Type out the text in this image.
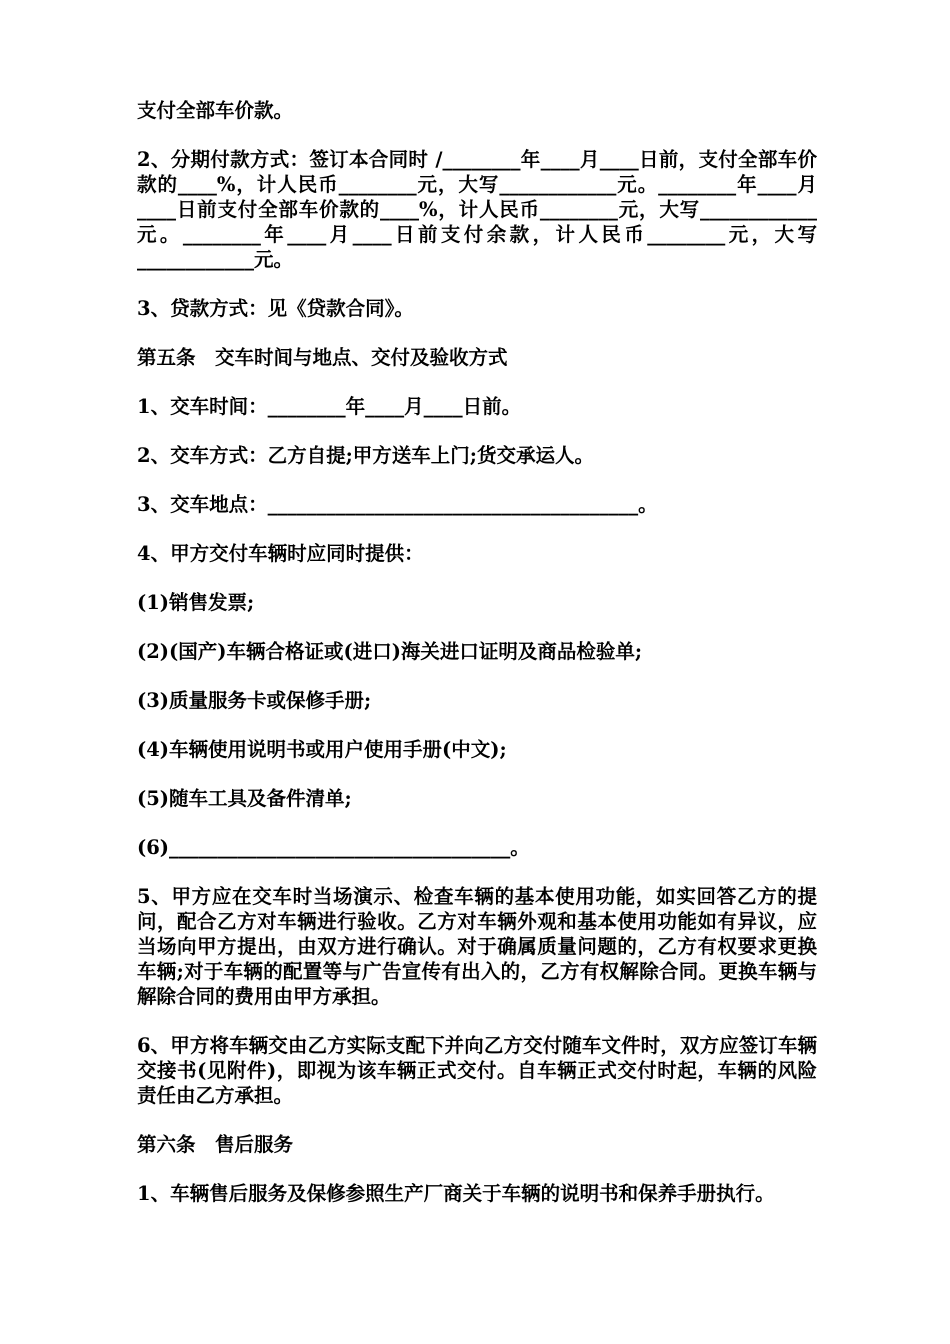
支付全部车价款。

2、分期付款方式：签订本合同时 /________年____月____日前，支付全部车价款的____%，计人民币________元，大写____________元。________年____月____日前支付全部车价款的____%，计人民币________元，大写____________元。________年____月____日前支付余款，计人民币________元，大写____________元。

3、贷款方式：见《贷款合同》。

第五条　交车时间与地点、交付及验收方式

1、交车时间：________年____月____日前。

2、交车方式：乙方自提;甲方送车上门;货交承运人。

3、交车地点：______________________________________。

4、甲方交付车辆时应同时提供：

(1)销售发票;

(2)(国产)车辆合格证或(进口)海关进口证明及商品检验单;

(3)质量服务卡或保修手册;

(4)车辆使用说明书或用户使用手册(中文);

(5)随车工具及备件清单;

(6)___________________________________。

5、甲方应在交车时当场演示、检查车辆的基本使用功能，如实回答乙方的提问，配合乙方对车辆进行验收。乙方对车辆外观和基本使用功能如有异议，应当场向甲方提出，由双方进行确认。对于确属质量问题的，乙方有权要求更换车辆;对于车辆的配置等与广告宣传有出入的，乙方有权解除合同。更换车辆与解除合同的费用由甲方承担。

6、甲方将车辆交由乙方实际支配下并向乙方交付随车文件时，双方应签订车辆交接书(见附件)，即视为该车辆正式交付。自车辆正式交付时起，车辆的风险责任由乙方承担。

第六条　售后服务

1、车辆售后服务及保修参照生产厂商关于车辆的说明书和保养手册执行。
